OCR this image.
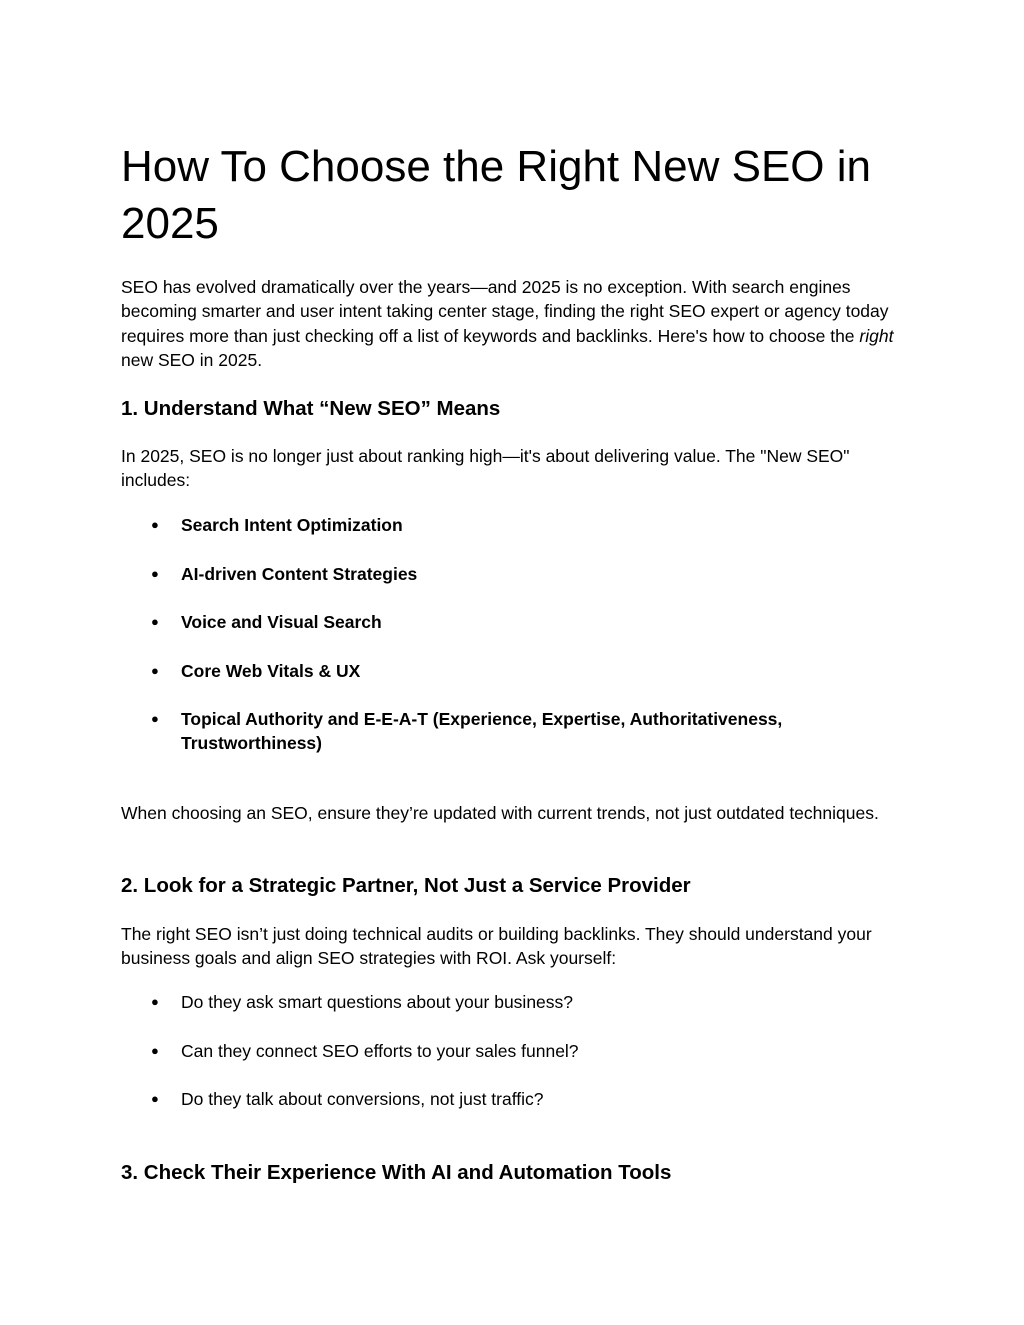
How To Choose the Right New SEO in 2025

SEO has evolved dramatically over the years—and 2025 is no exception. With search engines becoming smarter and user intent taking center stage, finding the right SEO expert or agency today requires more than just checking off a list of keywords and backlinks. Here's how to choose the right new SEO in 2025.

1. Understand What “New SEO” Means

In 2025, SEO is no longer just about ranking high—it's about delivering value. The "New SEO" includes:

● Search Intent Optimization
● AI-driven Content Strategies
● Voice and Visual Search
● Core Web Vitals & UX
● Topical Authority and E-E-A-T (Experience, Expertise, Authoritativeness, Trustworthiness)

When choosing an SEO, ensure they’re updated with current trends, not just outdated techniques.

2. Look for a Strategic Partner, Not Just a Service Provider

The right SEO isn’t just doing technical audits or building backlinks. They should understand your business goals and align SEO strategies with ROI. Ask yourself:

● Do they ask smart questions about your business?
● Can they connect SEO efforts to your sales funnel?
● Do they talk about conversions, not just traffic?
3. Check Their Experience With AI and Automation Tools
